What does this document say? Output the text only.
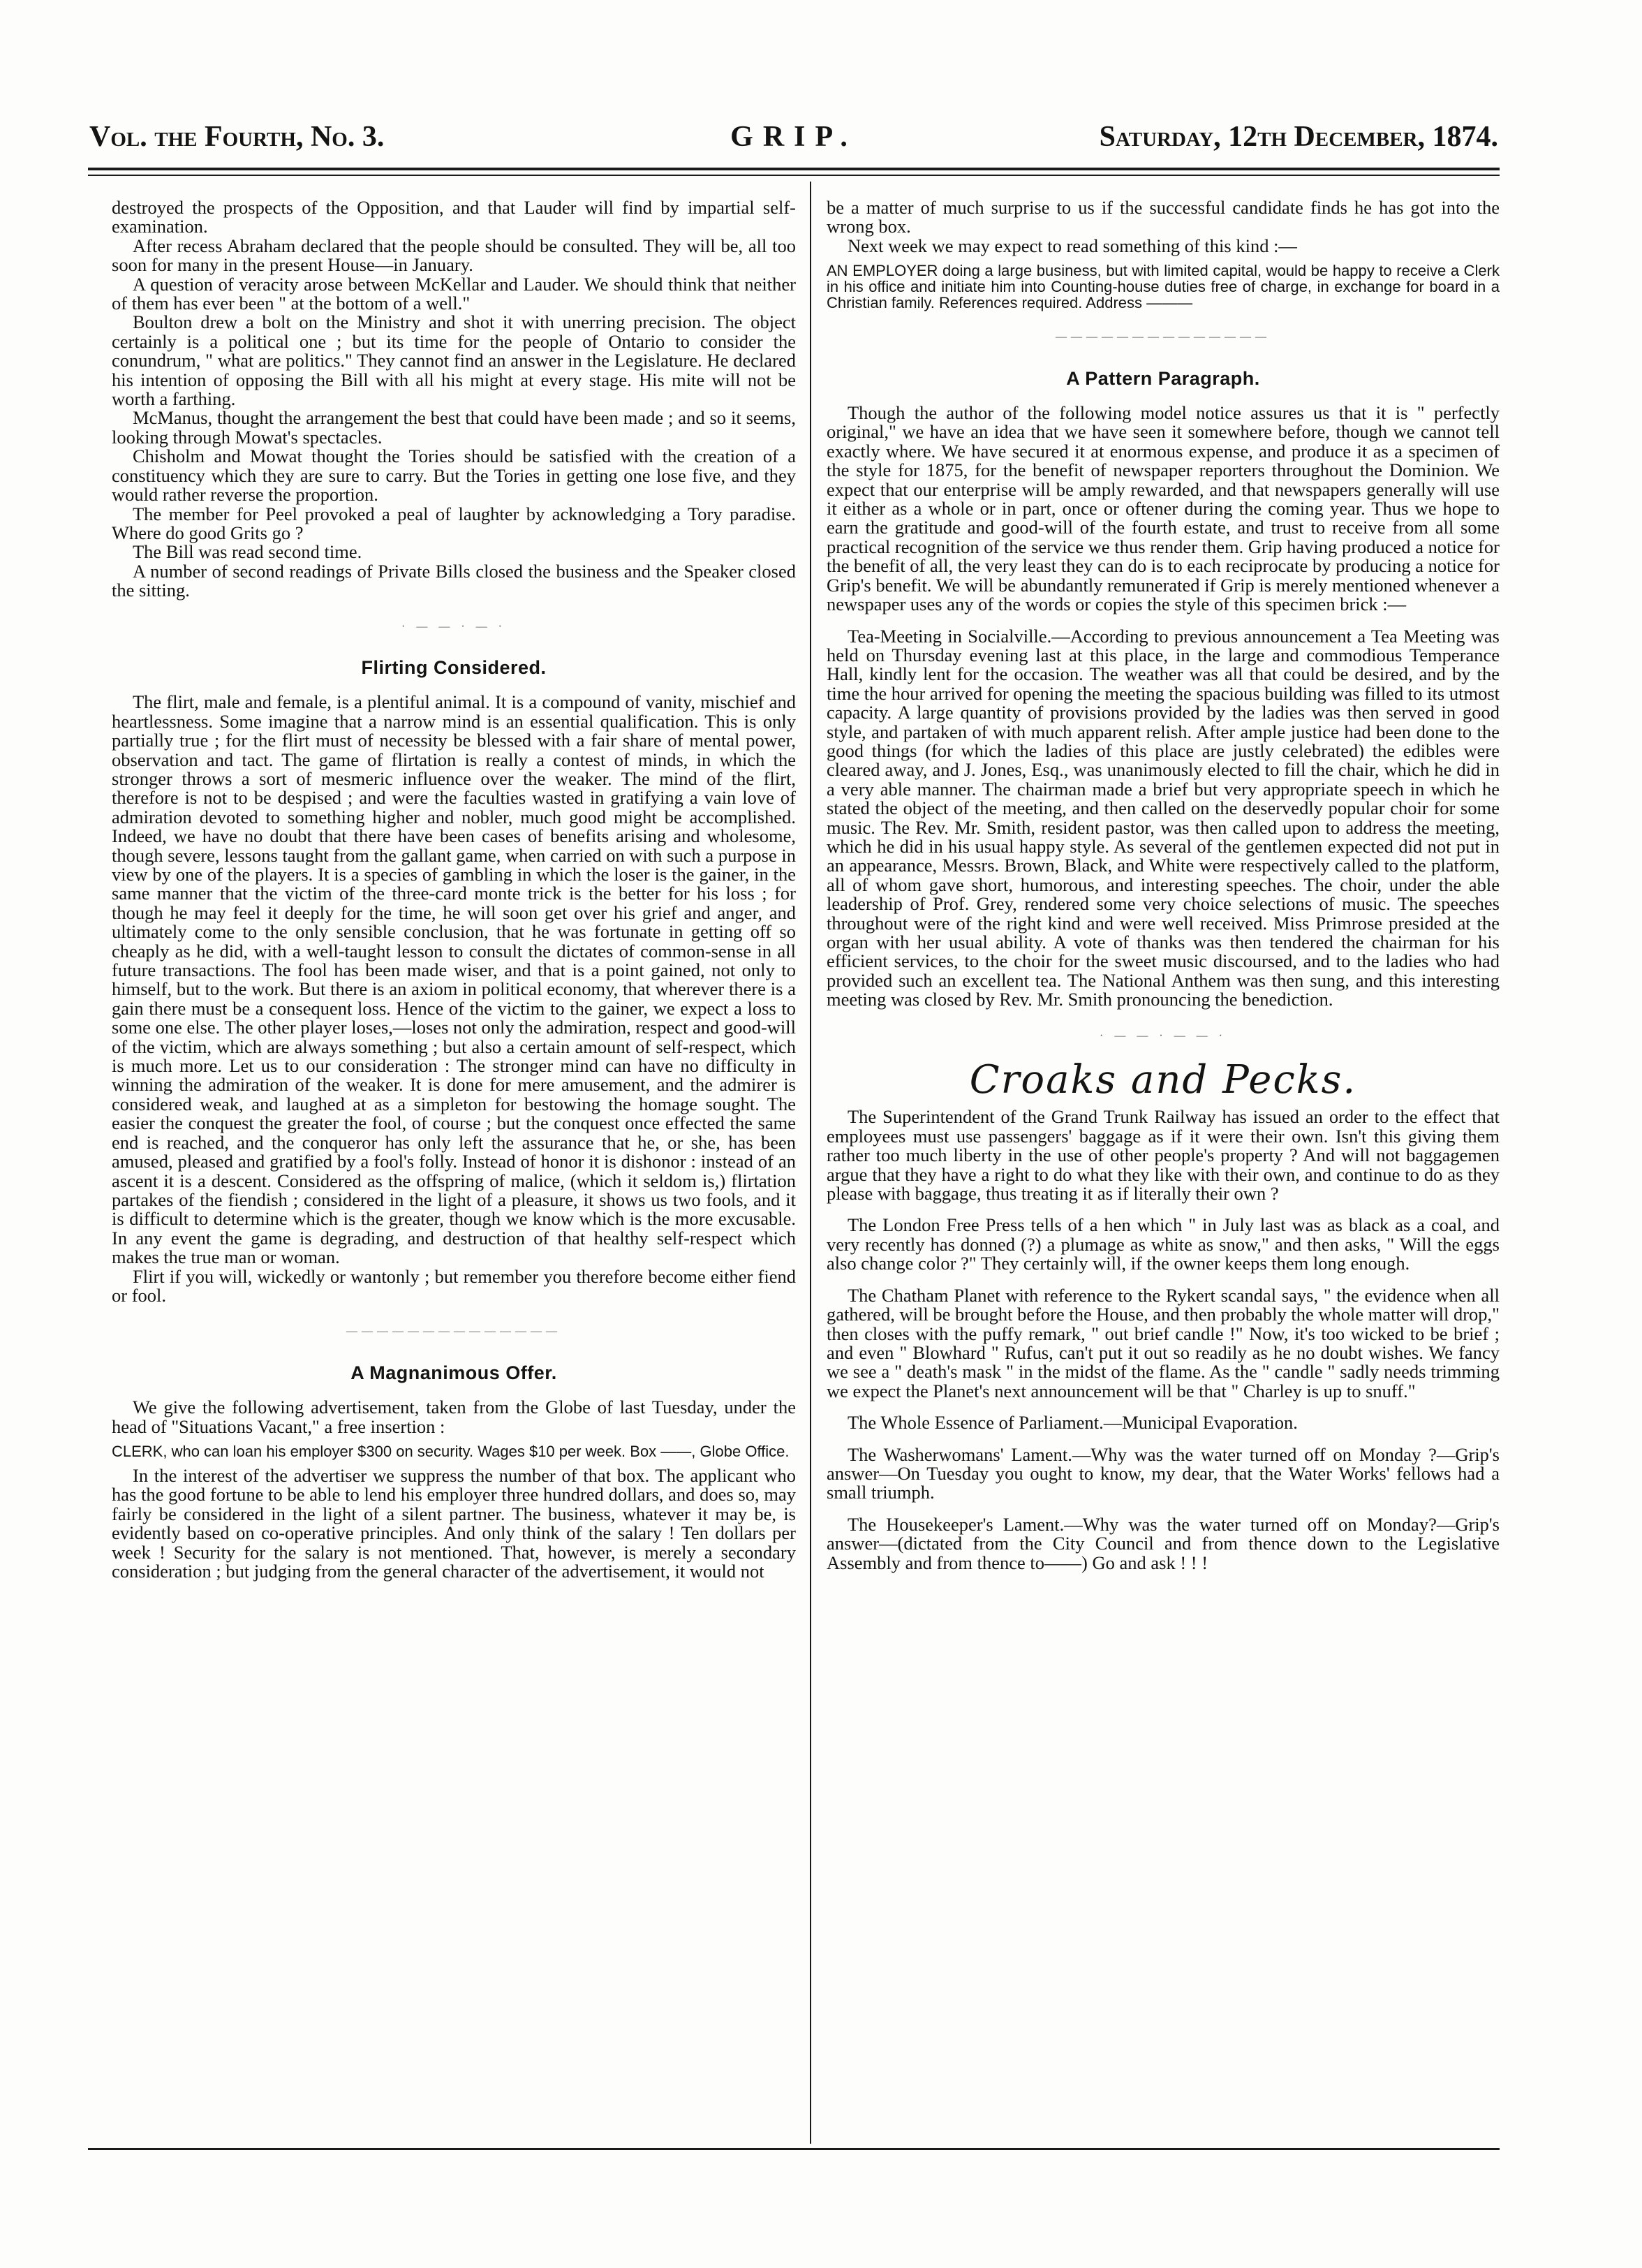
Vol. the Fourth, No. 3.	GRIP.	Saturday, 12th December, 1874.

destroyed the prospects of the Opposition, and that Lauder will find by impartial self-examination.

After recess Abraham declared that the people should be consulted. They will be, all too soon for many in the present House—in January.

A question of veracity arose between McKellar and Lauder. We should think that neither of them has ever been " at the bottom of a well."

Boulton drew a bolt on the Ministry and shot it with unerring precision. The object certainly is a political one ; but its time for the people of Ontario to consider the conundrum, " what are politics." They cannot find an answer in the Legislature. He declared his intention of opposing the Bill with all his might at every stage. His mite will not be worth a farthing.

McManus, thought the arrangement the best that could have been made ; and so it seems, looking through Mowat's spectacles.

Chisholm and Mowat thought the Tories should be satisfied with the creation of a constituency which they are sure to carry. But the Tories in getting one lose five, and they would rather reverse the proportion.

The member for Peel provoked a peal of laughter by acknowledging a Tory paradise. Where do good Grits go ?

The Bill was read second time.

A number of second readings of Private Bills closed the business and the Speaker closed the sitting.

· — — · — ·
Flirting Considered.

The flirt, male and female, is a plentiful animal. It is a compound of vanity, mischief and heartlessness. Some imagine that a narrow mind is an essential qualification. This is only partially true ; for the flirt must of necessity be blessed with a fair share of mental power, observation and tact. The game of flirtation is really a contest of minds, in which the stronger throws a sort of mesmeric influence over the weaker. The mind of the flirt, therefore is not to be despised ; and were the faculties wasted in gratifying a vain love of admiration devoted to something higher and nobler, much good might be accomplished. Indeed, we have no doubt that there have been cases of benefits arising and wholesome, though severe, lessons taught from the gallant game, when carried on with such a purpose in view by one of the players. It is a species of gambling in which the loser is the gainer, in the same manner that the victim of the three-card monte trick is the better for his loss ; for though he may feel it deeply for the time, he will soon get over his grief and anger, and ultimately come to the only sensible conclusion, that he was fortunate in getting off so cheaply as he did, with a well-taught lesson to consult the dictates of common-sense in all future transactions. The fool has been made wiser, and that is a point gained, not only to himself, but to the work. But there is an axiom in political economy, that wherever there is a gain there must be a consequent loss. Hence of the victim to the gainer, we expect a loss to some one else. The other player loses,—loses not only the admiration, respect and good-will of the victim, which are always something ; but also a certain amount of self-respect, which is much more. Let us to our consideration : The stronger mind can have no difficulty in winning the admiration of the weaker. It is done for mere amusement, and the admirer is considered weak, and laughed at as a simpleton for bestowing the homage sought. The easier the conquest the greater the fool, of course ; but the conquest once effected the same end is reached, and the conqueror has only left the assurance that he, or she, has been amused, pleased and gratified by a fool's folly. Instead of honor it is dishonor : instead of an ascent it is a descent. Considered as the offspring of malice, (which it seldom is,) flirtation partakes of the fiendish ; considered in the light of a pleasure, it shows us two fools, and it is difficult to determine which is the greater, though we know which is the more excusable. In any event the game is degrading, and destruction of that healthy self-respect which makes the true man or woman.

Flirt if you will, wickedly or wantonly ; but remember you therefore become either fiend or fool.

——————————————
A Magnanimous Offer.

We give the following advertisement, taken from the Globe of last Tuesday, under the head of "Situations Vacant," a free insertion :

CLERK, who can loan his employer $300 on security. Wages $10 per week. Box ——, Globe Office.

In the interest of the advertiser we suppress the number of that box. The applicant who has the good fortune to be able to lend his employer three hundred dollars, and does so, may fairly be considered in the light of a silent partner. The business, whatever it may be, is evidently based on co-operative principles. And only think of the salary ! Ten dollars per week ! Security for the salary is not mentioned. That, however, is merely a secondary consideration ; but judging from the general character of the advertisement, it would not

be a matter of much surprise to us if the successful candidate finds he has got into the wrong box.

Next week we may expect to read something of this kind :—

AN EMPLOYER doing a large business, but with limited capital, would be happy to receive a Clerk in his office and initiate him into Counting-house duties free of charge, in exchange for board in a Christian family. References required. Address ———

——————————————
A Pattern Paragraph.

Though the author of the following model notice assures us that it is " perfectly original," we have an idea that we have seen it somewhere before, though we cannot tell exactly where. We have secured it at enormous expense, and produce it as a specimen of the style for 1875, for the benefit of newspaper reporters throughout the Dominion. We expect that our enterprise will be amply rewarded, and that newspapers generally will use it either as a whole or in part, once or oftener during the coming year. Thus we hope to earn the gratitude and good-will of the fourth estate, and trust to receive from all some practical recognition of the service we thus render them. Grip having produced a notice for the benefit of all, the very least they can do is to each reciprocate by producing a notice for Grip's benefit. We will be abundantly remunerated if Grip is merely mentioned whenever a newspaper uses any of the words or copies the style of this specimen brick :—

Tea-Meeting in Socialville.—According to previous announcement a Tea Meeting was held on Thursday evening last at this place, in the large and commodious Temperance Hall, kindly lent for the occasion. The weather was all that could be desired, and by the time the hour arrived for opening the meeting the spacious building was filled to its utmost capacity. A large quantity of provisions provided by the ladies was then served in good style, and partaken of with much apparent relish. After ample justice had been done to the good things (for which the ladies of this place are justly celebrated) the edibles were cleared away, and J. Jones, Esq., was unanimously elected to fill the chair, which he did in a very able manner. The chairman made a brief but very appropriate speech in which he stated the object of the meeting, and then called on the deservedly popular choir for some music. The Rev. Mr. Smith, resident pastor, was then called upon to address the meeting, which he did in his usual happy style. As several of the gentlemen expected did not put in an appearance, Messrs. Brown, Black, and White were respectively called to the platform, all of whom gave short, humorous, and interesting speeches. The choir, under the able leadership of Prof. Grey, rendered some very choice selections of music. The speeches throughout were of the right kind and were well received. Miss Primrose presided at the organ with her usual ability. A vote of thanks was then tendered the chairman for his efficient services, to the choir for the sweet music discoursed, and to the ladies who had provided such an excellent tea. The National Anthem was then sung, and this interesting meeting was closed by Rev. Mr. Smith pronouncing the benediction.

· — — · — — ·
Croaks and Pecks.

The Superintendent of the Grand Trunk Railway has issued an order to the effect that employees must use passengers' baggage as if it were their own. Isn't this giving them rather too much liberty in the use of other people's property ? And will not baggagemen argue that they have a right to do what they like with their own, and continue to do as they please with baggage, thus treating it as if literally their own ?

The London Free Press tells of a hen which " in July last was as black as a coal, and very recently has donned (?) a plumage as white as snow," and then asks, " Will the eggs also change color ?" They certainly will, if the owner keeps them long enough.

The Chatham Planet with reference to the Rykert scandal says, " the evidence when all gathered, will be brought before the House, and then probably the whole matter will drop," then closes with the puffy remark, " out brief candle !" Now, it's too wicked to be brief ; and even " Blowhard " Rufus, can't put it out so readily as he no doubt wishes. We fancy we see a " death's mask " in the midst of the flame. As the " candle " sadly needs trimming we expect the Planet's next announcement will be that " Charley is up to snuff."

The Whole Essence of Parliament.—Municipal Evaporation.

The Washerwomans' Lament.—Why was the water turned off on Monday ?—Grip's answer—On Tuesday you ought to know, my dear, that the Water Works' fellows had a small triumph.

The Housekeeper's Lament.—Why was the water turned off on Monday?—Grip's answer—(dictated from the City Council and from thence down to the Legislative Assembly and from thence to——) Go and ask ! ! !
